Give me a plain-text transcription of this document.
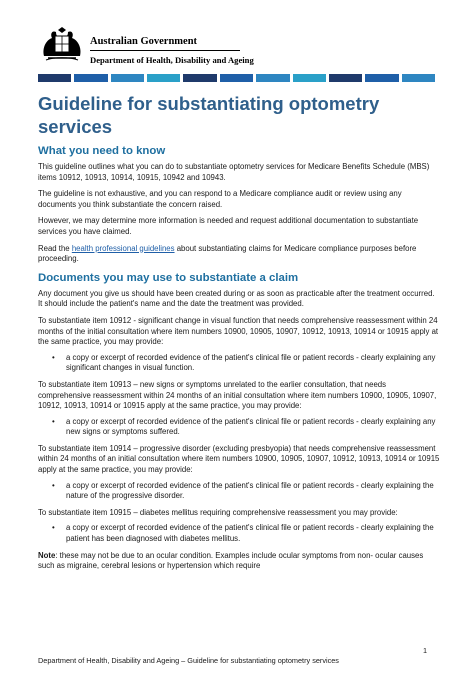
Australian Government
Department of Health, Disability and Ageing
Guideline for substantiating optometry services
What you need to know

This guideline outlines what you can do to substantiate optometry services for Medicare Benefits Schedule (MBS) items 10912, 10913, 10914, 10915, 10942 and 10943.

The guideline is not exhaustive, and you can respond to a Medicare compliance audit or review using any documents you think substantiate the concern raised.

However, we may determine more information is needed and request additional documentation to substantiate services you have claimed.

Read the health professional guidelines about substantiating claims for Medicare compliance purposes before proceeding.

Documents you may use to substantiate a claim

Any document you give us should have been created during or as soon as practicable after the treatment occurred. It should include the patient's name and the date the treatment was provided.

To substantiate item 10912 - significant change in visual function that needs comprehensive reassessment within 24 months of the initial consultation where item numbers 10900, 10905, 10907, 10912, 10913, 10914 or 10915 apply at the same practice, you may provide:

• a copy or excerpt of recorded evidence of the patient's clinical file or patient records - clearly explaining any significant changes in visual function.

To substantiate item 10913 – new signs or symptoms unrelated to the earlier consultation, that needs comprehensive reassessment within 24 months of an initial consultation where item numbers 10900, 10905, 10907, 10912, 10913, 10914 or 10915 apply at the same practice, you may provide:

• a copy or excerpt of recorded evidence of the patient's clinical file or patient records - clearly explaining any new signs or symptoms suffered.

To substantiate item 10914 – progressive disorder (excluding presbyopia) that needs comprehensive reassessment within 24 months of an initial consultation where item numbers 10900, 10905, 10907, 10912, 10913, 10914 or 10915 apply at the same practice, you may provide:

• a copy or excerpt of recorded evidence of the patient's clinical file or patient records - clearly explaining the nature of the progressive disorder.

To substantiate item 10915 – diabetes mellitus requiring comprehensive reassessment you may provide:

• a copy or excerpt of recorded evidence of the patient's clinical file or patient records - clearly explaining the patient has been diagnosed with diabetes mellitus.

Note: these may not be due to an ocular condition. Examples include ocular symptoms from non- ocular causes such as migraine, cerebral lesions or hypertension which require

1
Department of Health, Disability and Ageing – Guideline for substantiating optometry services
